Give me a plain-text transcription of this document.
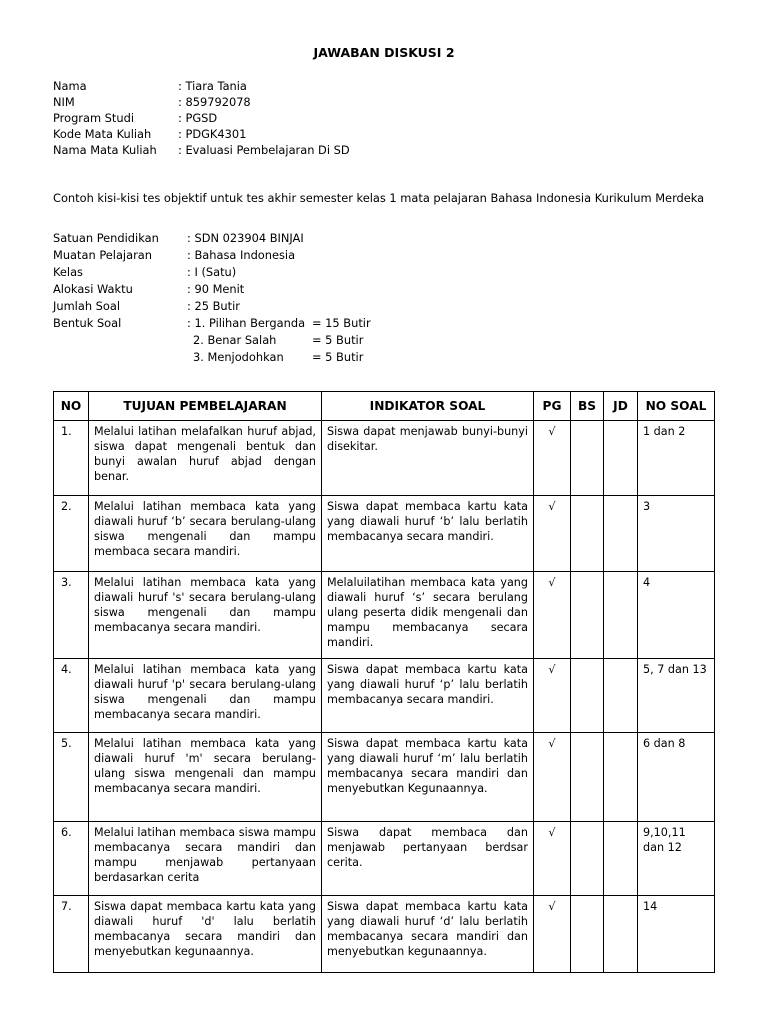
JAWABAN DISKUSI 2
Nama	: Tiara Tania
NIM	: 859792078
Program Studi	: PGSD
Kode Mata Kuliah : PDGK4301
Nama Mata Kuliah : Evaluasi Pembelajaran Di SD
Contoh kisi-kisi tes objektif untuk tes akhir semester kelas 1 mata pelajaran Bahasa Indonesia Kurikulum Merdeka
Satuan Pendidikan : SDN 023904 BINJAI
Muatan Pelajaran	: Bahasa Indonesia
Kelas	: I (Satu)
Alokasi Waktu	: 90 Menit
Jumlah Soal	: 25 Butir
Bentuk Soal	: 1. Pilihan Berganda = 15 Butir
2. Benar Salah	= 5 Butir
3. Menjodohkan = 5 Butir
NO	TUJUAN PEMBELAJARAN	INDIKATOR SOAL	PG	BS	JD	NO SOAL
1.	Melalui latihan melafalkan huruf abjad, siswa dapat mengenali bentuk dan bunyi awalan huruf abjad dengan benar.	Siswa dapat menjawab bunyi-bunyi disekitar.	√			1 dan 2
2.	Melalui latihan membaca kata yang diawali huruf ‘b’ secara berulang-ulang siswa mengenali dan mampu membaca secara mandiri.	Siswa dapat membaca kartu kata yang diawali huruf ‘b’ lalu berlatih membacanya secara mandiri.	√			3
3.	Melalui latihan membaca kata yang diawali huruf 's' secara berulang-ulang siswa mengenali dan mampu membacanya secara mandiri.	Melaluilatihan membaca kata yang diawali huruf ‘s’ secara berulang ulang peserta didik mengenali dan mampu membacanya secara mandiri.	√			4
4.	Melalui latihan membaca kata yang diawali huruf 'p' secara berulang-ulang siswa mengenali dan mampu membacanya secara mandiri.	Siswa dapat membaca kartu kata yang diawali huruf ‘p’ lalu berlatih membacanya secara mandiri.	√			5, 7 dan 13
5.	Melalui latihan membaca kata yang diawali huruf 'm' secara berulang-ulang siswa mengenali dan mampu membacanya secara mandiri.	Siswa dapat membaca kartu kata yang diawali huruf ‘m’ lalu berlatih membacanya secara mandiri dan menyebutkan Kegunaannya.	√			6 dan 8
6.	Melalui latihan membaca siswa mampu membacanya secara mandiri dan mampu menjawab pertanyaan berdasarkan cerita	Siswa dapat membaca dan menjawab pertanyaan berdsar cerita.	√			9,10,11 dan 12
7.	Siswa dapat membaca kartu kata yang diawali huruf 'd' lalu berlatih membacanya secara mandiri dan menyebutkan kegunaannya.	Siswa dapat membaca kartu kata yang diawali huruf ‘d’ lalu berlatih membacanya secara mandiri dan menyebutkan kegunaannya.	√			14
